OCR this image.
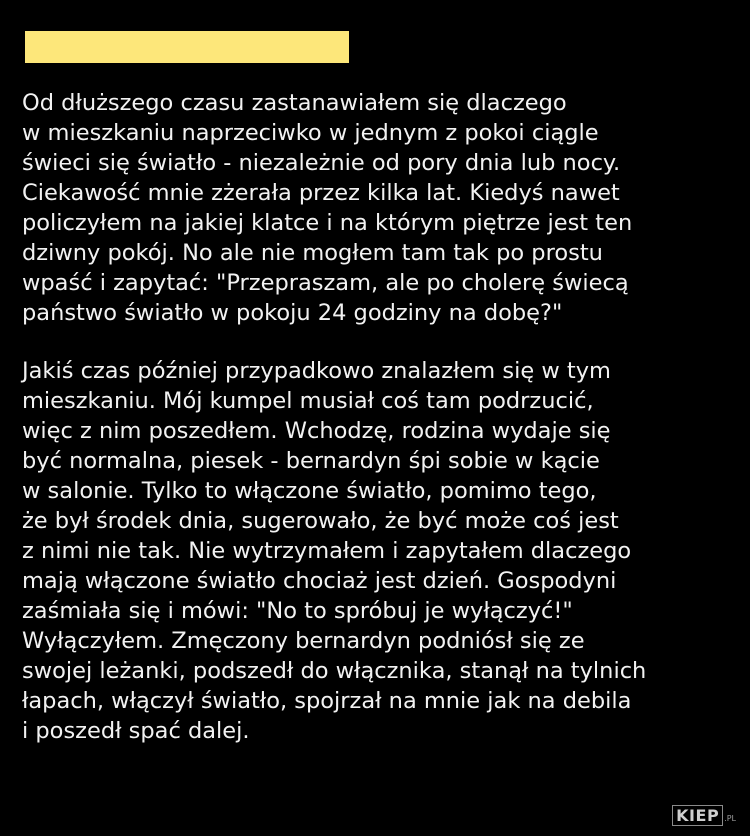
Od dłuższego czasu zastanawiałem się dlaczego
w mieszkaniu naprzeciwko w jednym z pokoi ciągle
świeci się światło - niezależnie od pory dnia lub nocy.
Ciekawość mnie zżerała przez kilka lat. Kiedyś nawet
policzyłem na jakiej klatce i na którym piętrze jest ten
dziwny pokój. No ale nie mogłem tam tak po prostu
wpaść i zapytać: "Przepraszam, ale po cholerę świecą
państwo światło w pokoju 24 godziny na dobę?"

Jakiś czas później przypadkowo znalazłem się w tym
mieszkaniu. Mój kumpel musiał coś tam podrzucić,
więc z nim poszedłem. Wchodzę, rodzina wydaje się
być normalna, piesek - bernardyn śpi sobie w kącie
w salonie. Tylko to włączone światło, pomimo tego,
że był środek dnia, sugerowało, że być może coś jest
z nimi nie tak. Nie wytrzymałem i zapytałem dlaczego
mają włączone światło chociaż jest dzień. Gospodyni
zaśmiała się i mówi: "No to spróbuj je wyłączyć!"
Wyłączyłem. Zmęczony bernardyn podniósł się ze
swojej leżanki, podszedł do włącznika, stanął na tylnich
łapach, włączył światło, spojrzał na mnie jak na debila
i poszedł spać dalej.

KIEP .PL
